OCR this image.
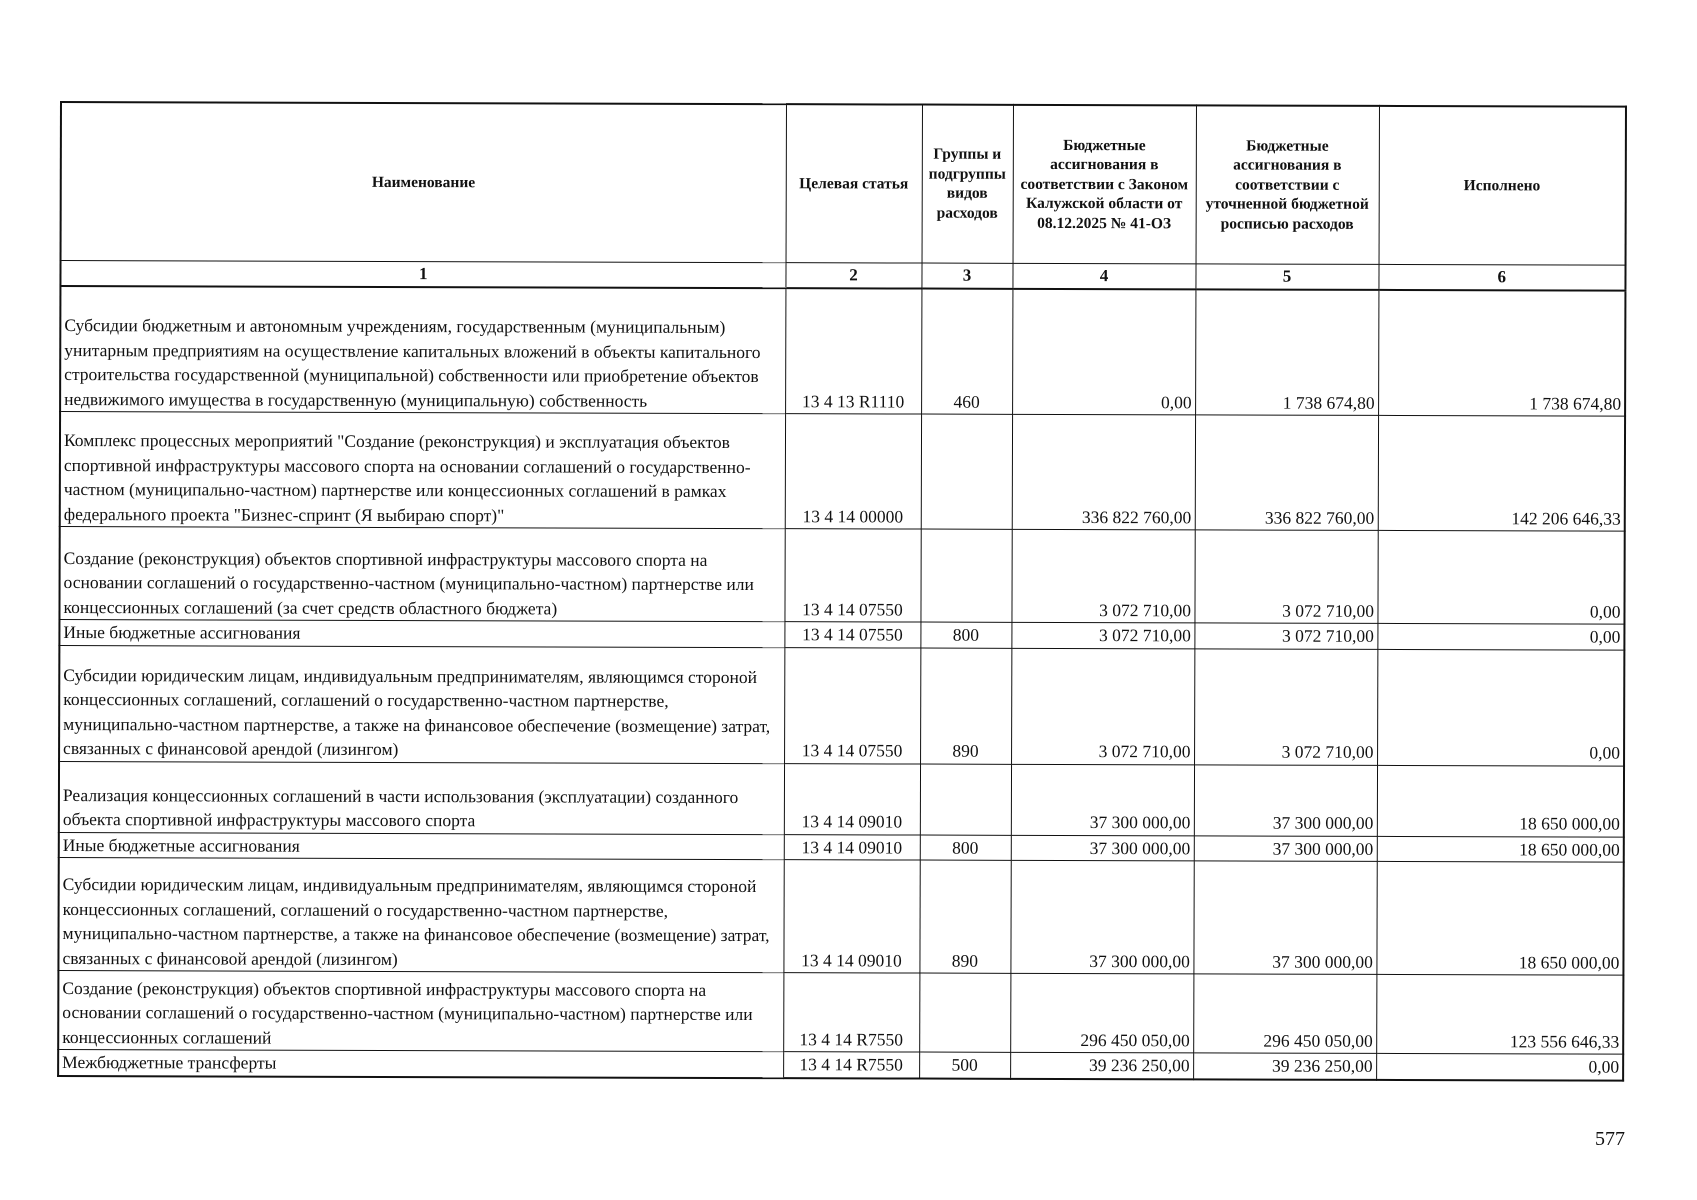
Наименование	Целевая статья	Группы и подгруппы видов расходов	Бюджетные ассигнования в соответствии с Законом Калужской области от 08.12.2025 № 41-ОЗ	Бюджетные ассигнования в соответствии с уточненной бюджетной росписью расходов	Исполнено
1	2	3	4	5	6
Субсидии бюджетным и автономным учреждениям, государственным (муниципальным) унитарным предприятиям на осуществление капитальных вложений в объекты капитального строительства государственной (муниципальной) собственности или приобретение объектов недвижимого имущества в государственную (муниципальную) собственность	13 4 13 R1110	460	0,00	1 738 674,80	1 738 674,80
Комплекс процессных мероприятий "Создание (реконструкция) и эксплуатация объектов спортивной инфраструктуры массового спорта на основании соглашений о государственно-частном (муниципально-частном) партнерстве или концессионных соглашений в рамках федерального проекта "Бизнес-спринт (Я выбираю спорт)"	13 4 14 00000		336 822 760,00	336 822 760,00	142 206 646,33
Создание (реконструкция) объектов спортивной инфраструктуры массового спорта на основании соглашений о государственно-частном (муниципально-частном) партнерстве или концессионных соглашений (за счет средств областного бюджета)	13 4 14 07550		3 072 710,00	3 072 710,00	0,00
Иные бюджетные ассигнования	13 4 14 07550	800	3 072 710,00	3 072 710,00	0,00
Субсидии юридическим лицам, индивидуальным предпринимателям, являющимся стороной концессионных соглашений, соглашений о государственно-частном партнерстве, муниципально-частном партнерстве, а также на финансовое обеспечение (возмещение) затрат, связанных с финансовой арендой (лизингом)	13 4 14 07550	890	3 072 710,00	3 072 710,00	0,00
Реализация концессионных соглашений в части использования (эксплуатации) созданного объекта спортивной инфраструктуры массового спорта	13 4 14 09010		37 300 000,00	37 300 000,00	18 650 000,00
Иные бюджетные ассигнования	13 4 14 09010	800	37 300 000,00	37 300 000,00	18 650 000,00
Субсидии юридическим лицам, индивидуальным предпринимателям, являющимся стороной концессионных соглашений, соглашений о государственно-частном партнерстве, муниципально-частном партнерстве, а также на финансовое обеспечение (возмещение) затрат, связанных с финансовой арендой (лизингом)	13 4 14 09010	890	37 300 000,00	37 300 000,00	18 650 000,00
Создание (реконструкция) объектов спортивной инфраструктуры массового спорта на основании соглашений о государственно-частном (муниципально-частном) партнерстве или концессионных соглашений	13 4 14 R7550		296 450 050,00	296 450 050,00	123 556 646,33
Межбюджетные трансферты	13 4 14 R7550	500	39 236 250,00	39 236 250,00	0,00
577
